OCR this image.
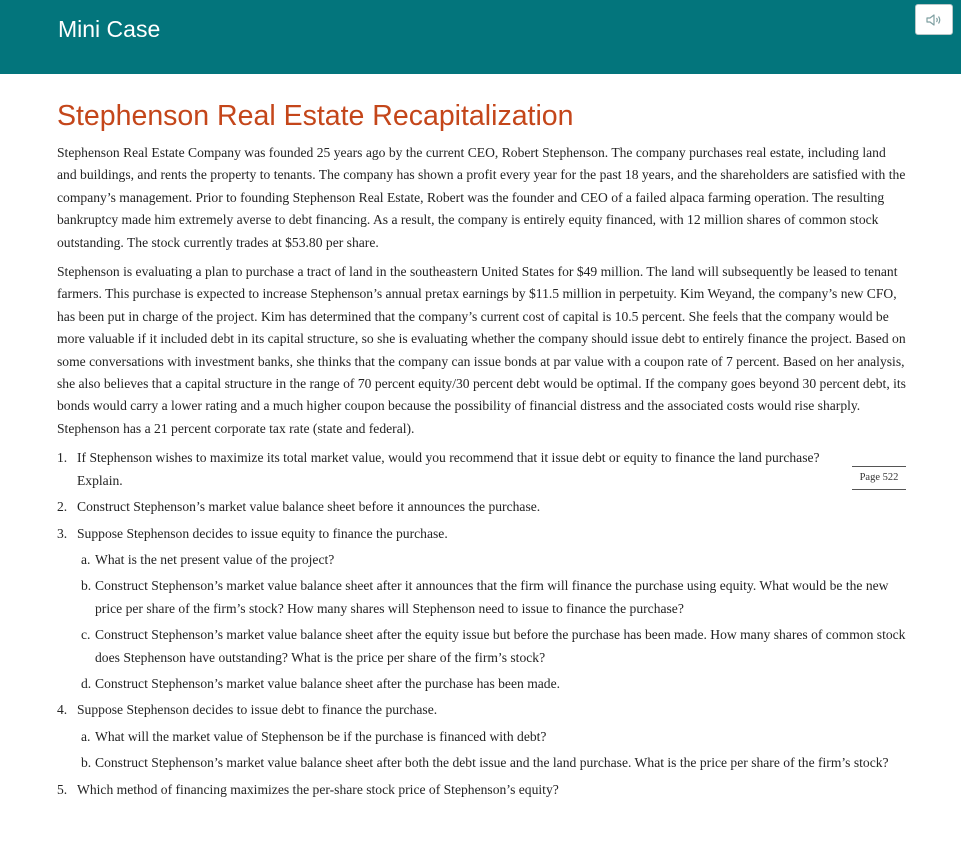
Mini Case
Stephenson Real Estate Recapitalization

Stephenson Real Estate Company was founded 25 years ago by the current CEO, Robert Stephenson. The company purchases real estate, including land and buildings, and rents the property to tenants. The company has shown a profit every year for the past 18 years, and the shareholders are satisfied with the company’s management. Prior to founding Stephenson Real Estate, Robert was the founder and CEO of a failed alpaca farming operation. The resulting bankruptcy made him extremely averse to debt financing. As a result, the company is entirely equity financed, with 12 million shares of common stock outstanding. The stock currently trades at $53.80 per share.

Stephenson is evaluating a plan to purchase a tract of land in the southeastern United States for $49 million. The land will subsequently be leased to tenant farmers. This purchase is expected to increase Stephenson’s annual pretax earnings by $11.5 million in perpetuity. Kim Weyand, the company’s new CFO, has been put in charge of the project. Kim has determined that the company’s current cost of capital is 10.5 percent. She feels that the company would be more valuable if it included debt in its capital structure, so she is evaluating whether the company should issue debt to entirely finance the project. Based on some conversations with investment banks, she thinks that the company can issue bonds at par value with a coupon rate of 7 percent. Based on her analysis, she also believes that a capital structure in the range of 70 percent equity/30 percent debt would be optimal. If the company goes beyond 30 percent debt, its bonds would carry a lower rating and a much higher coupon because the possibility of financial distress and the associated costs would rise sharply. Stephenson has a 21 percent corporate tax rate (state and federal).

1. If Stephenson wishes to maximize its total market value, would you recommend that it issue debt or equity to finance the land purchase? Explain.
2. Construct Stephenson’s market value balance sheet before it announces the purchase.
3. Suppose Stephenson decides to issue equity to finance the purchase.
a. What is the net present value of the project?
b. Construct Stephenson’s market value balance sheet after it announces that the firm will finance the purchase using equity. What would be the new price per share of the firm’s stock? How many shares will Stephenson need to issue to finance the purchase?
c. Construct Stephenson’s market value balance sheet after the equity issue but before the purchase has been made. How many shares of common stock does Stephenson have outstanding? What is the price per share of the firm’s stock?
d. Construct Stephenson’s market value balance sheet after the purchase has been made.
4. Suppose Stephenson decides to issue debt to finance the purchase.
a. What will the market value of Stephenson be if the purchase is financed with debt?
b. Construct Stephenson’s market value balance sheet after both the debt issue and the land purchase. What is the price per share of the firm’s stock?
5. Which method of financing maximizes the per-share stock price of Stephenson’s equity?
Page 522
